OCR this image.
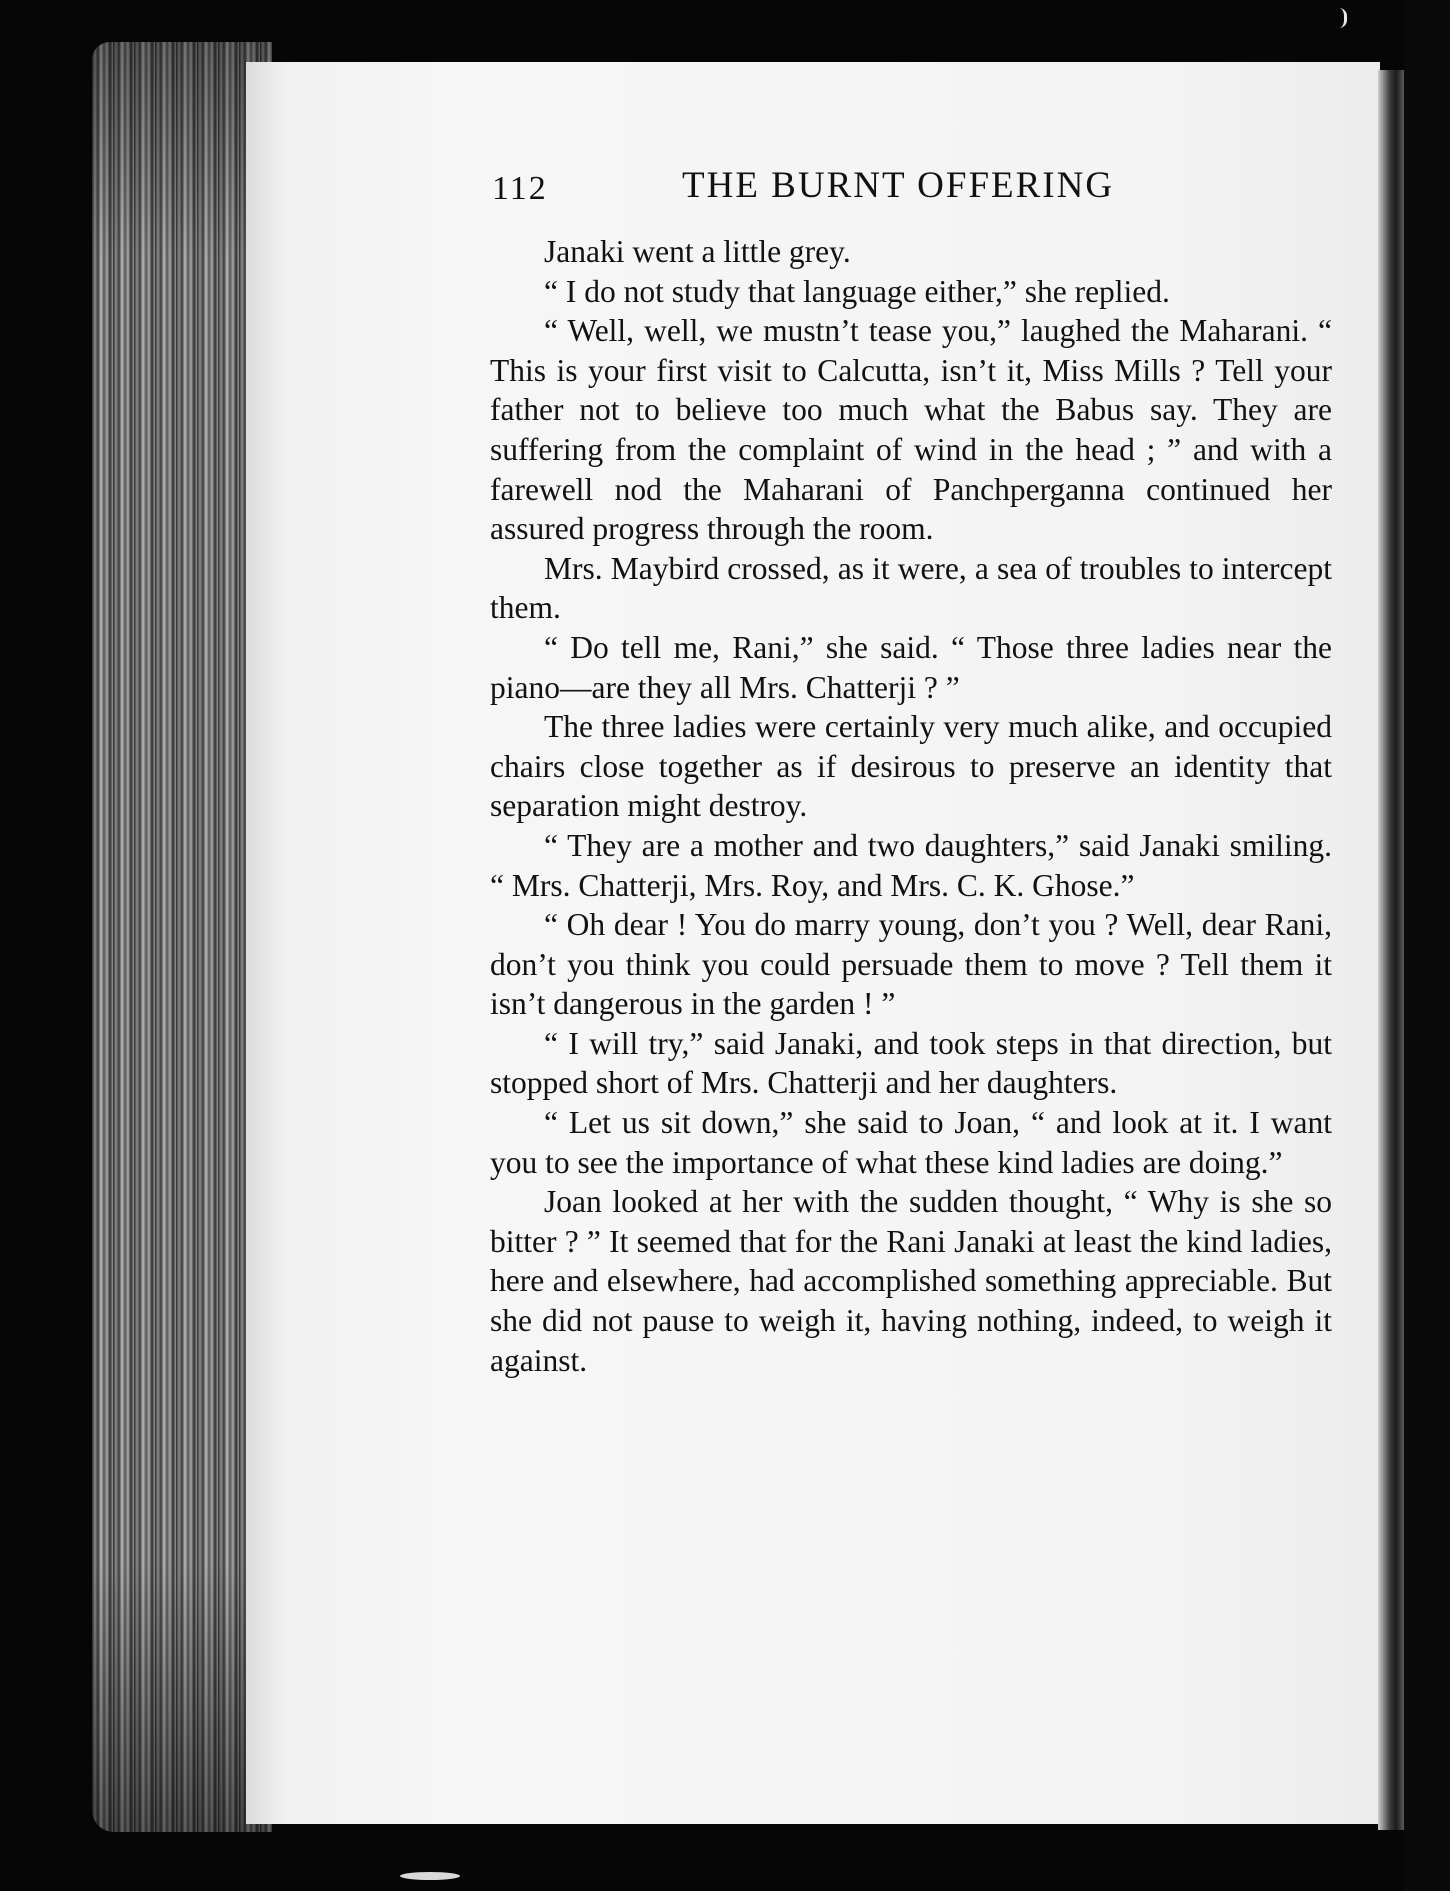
112	THE BURNT OFFERING

Janaki went a little grey.

“ I do not study that language either,” she replied.

“ Well, well, we mustn’t tease you,” laughed the Maharani. “ This is your first visit to Calcutta, isn’t it, Miss Mills ? Tell your father not to believe too much what the Babus say. They are suffering from the complaint of wind in the head ; ” and with a farewell nod the Maharani of Panchperganna continued her assured progress through the room.

Mrs. Maybird crossed, as it were, a sea of troubles to intercept them.

“ Do tell me, Rani,” she said. “ Those three ladies near the piano—are they all Mrs. Chatterji ? ”

The three ladies were certainly very much alike, and occupied chairs close together as if desirous to preserve an identity that separation might destroy.

“ They are a mother and two daughters,” said Janaki smiling. “ Mrs. Chatterji, Mrs. Roy, and Mrs. C. K. Ghose.”

“ Oh dear ! You do marry young, don’t you ? Well, dear Rani, don’t you think you could persuade them to move ? Tell them it isn’t dangerous in the garden ! ”

“ I will try,” said Janaki, and took steps in that direction, but stopped short of Mrs. Chatterji and her daughters.

“ Let us sit down,” she said to Joan, “ and look at it. I want you to see the importance of what these kind ladies are doing.”

Joan looked at her with the sudden thought, “ Why is she so bitter ? ” It seemed that for the Rani Janaki at least the kind ladies, here and elsewhere, had accomplished something appreciable. But she did not pause to weigh it, having nothing, indeed, to weigh it against.
